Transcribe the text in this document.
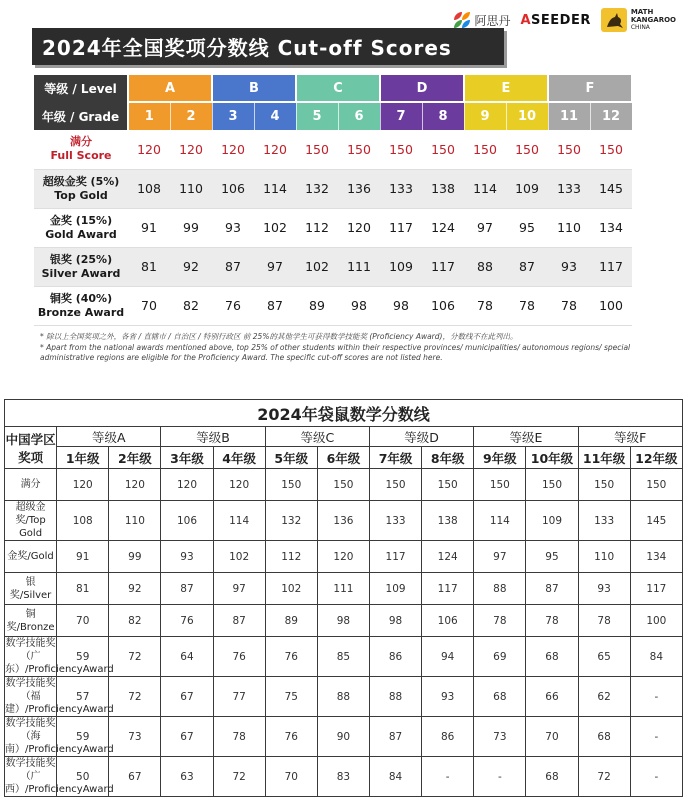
阿思丹 ASEEDER
MATH
KANGAROO
CHINA
2024年全国奖项分数线 Cut-off Scores
等级 / Level	A		B		C		D		E		F	
年级 / Grade	1	2	3	4	5	6	7	8	9	10	11	12

满分
Full Score	120	120	120	120	150	150	150	150	150	150	150	150

超级金奖 (5%)
Top Gold	108	110	106	114	132	136	133	138	114	109	133	145

金奖 (15%)
Gold Award	91	99	93	102	112	120	117	124	97	95	110	134

银奖 (25%)
Silver Award	81	92	87	97	102	111	109	117	88	87	93	117

铜奖 (40%)
Bronze Award	70	82	76	87	89	98	98	106	78	78	78	100

* 除以上全国奖项之外，各省 / 直辖市 / 自治区 / 特别行政区 前 25%的其他学生可获得数学技能奖 (Proficiency Award)，分数线不在此列出。

* Apart from the national awards mentioned above, top 25% of other students within their respective provinces/ municipalities/ autonomous regions/ special administrative regions are eligible for the Proficiency Award. The specific cut-off scores are not listed here.

2024年袋鼠数学分数线												
中国学区奖项	等级A		等级B		等级C		等级D		等级E		等级F	
	1年级	2年级	3年级	4年级	5年级	6年级	7年级	8年级	9年级	10年级	11年级	12年级
满分	120	120	120	120	150	150	150	150	150	150	150	150
超级金奖/Top Gold	108	110	106	114	132	136	133	138	114	109	133	145
金奖/Gold	91	99	93	102	112	120	117	124	97	95	110	134
银奖/Silver	81	92	87	97	102	111	109	117	88	87	93	117
铜奖/Bronze	70	82	76	87	89	98	98	106	78	78	78	100
数学技能奖（广东）/ProficiencyAward	59	72	64	76	76	85	86	94	69	68	65	84
数学技能奖（福建）/ProficiencyAward	57	72	67	77	75	88	88	93	68	66	62	-
数学技能奖（海南）/ProficiencyAward	59	73	67	78	76	90	87	86	73	70	68	-
数学技能奖（广西）/ProficiencyAward	50	67	63	72	70	83	84	-	-	68	72	-
